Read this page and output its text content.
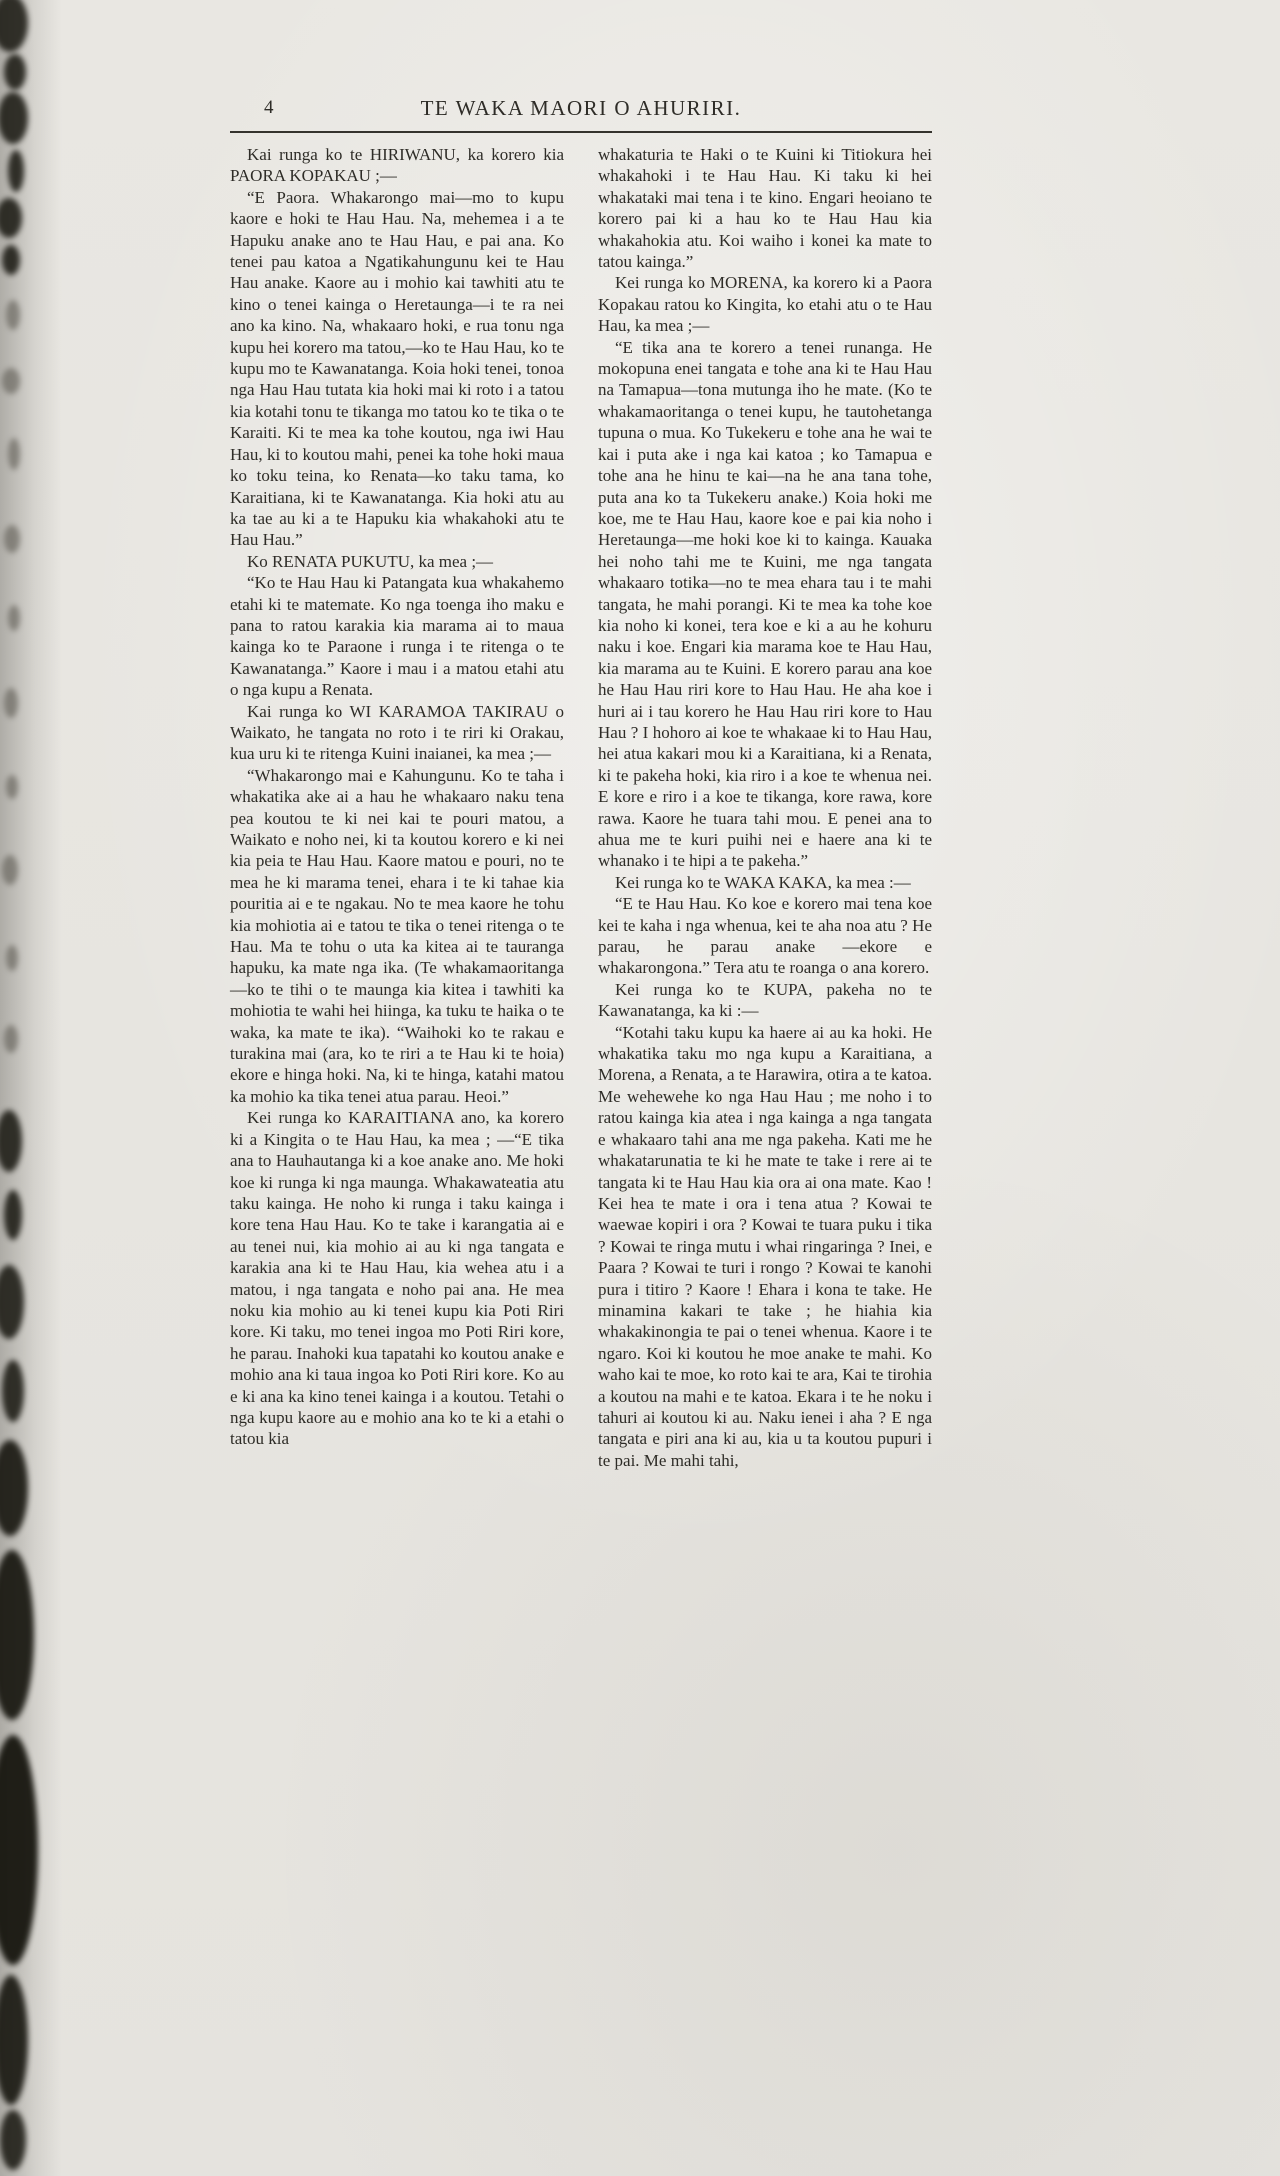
4	TE WAKA MAORI O AHURIRI.

Kai runga ko te HIRIWANU, ka korero kia PAORA KOPAKAU ;—

“E Paora. Whakarongo mai—mo to kupu kaore e hoki te Hau Hau. Na, mehemea i a te Hapuku anake ano te Hau Hau, e pai ana. Ko tenei pau katoa a Ngatikahungunu kei te Hau Hau anake. Kaore au i mohio kai tawhiti atu te kino o tenei kainga o Heretaunga—i te ra nei ano ka kino. Na, whakaaro hoki, e rua tonu nga kupu hei korero ma tatou,—ko te Hau Hau, ko te kupu mo te Kawanatanga. Koia hoki tenei, tonoa nga Hau Hau tutata kia hoki mai ki roto i a tatou kia kotahi tonu te tikanga mo tatou ko te tika o te Karaiti. Ki te mea ka tohe koutou, nga iwi Hau Hau, ki to koutou mahi, penei ka tohe hoki maua ko toku teina, ko Renata—ko taku tama, ko Karaitiana, ki te Kawanatanga. Kia hoki atu au ka tae au ki a te Hapuku kia whakahoki atu te Hau Hau.”

Ko RENATA PUKUTU, ka mea ;—

“Ko te Hau Hau ki Patangata kua whakahemo etahi ki te matemate. Ko nga toenga iho maku e pana to ratou karakia kia marama ai to maua kainga ko te Paraone i runga i te ritenga o te Kawanatanga.” Kaore i mau i a matou etahi atu o nga kupu a Renata.

Kai runga ko WI KARAMOA TAKIRAU o Waikato, he tangata no roto i te riri ki Orakau, kua uru ki te ritenga Kuini inaianei, ka mea ;—

“Whakarongo mai e Kahungunu. Ko te taha i whakatika ake ai a hau he whakaaro naku tena pea koutou te ki nei kai te pouri matou, a Waikato e noho nei, ki ta koutou korero e ki nei kia peia te Hau Hau. Kaore matou e pouri, no te mea he ki marama tenei, ehara i te ki tahae kia pouritia ai e te ngakau. No te mea kaore he tohu kia mohiotia ai e tatou te tika o tenei ritenga o te Hau. Ma te tohu o uta ka kitea ai te tauranga hapuku, ka mate nga ika. (Te whakamaoritanga—ko te tihi o te maunga kia kitea i tawhiti ka mohiotia te wahi hei hiinga, ka tuku te haika o te waka, ka mate te ika). “Waihoki ko te rakau e turakina mai (ara, ko te riri a te Hau ki te hoia) ekore e hinga hoki. Na, ki te hinga, katahi matou ka mohio ka tika tenei atua parau. Heoi.”

Kei runga ko KARAITIANA ano, ka korero ki a Kingita o te Hau Hau, ka mea ; —“E tika ana to Hauhautanga ki a koe anake ano. Me hoki koe ki runga ki nga maunga. Whakawateatia atu taku kainga. He noho ki runga i taku kainga i kore tena Hau Hau. Ko te take i karangatia ai e au tenei nui, kia mohio ai au ki nga tangata e karakia ana ki te Hau Hau, kia wehea atu i a matou, i nga tangata e noho pai ana. He mea noku kia mohio au ki tenei kupu kia Poti Riri kore. Ki taku, mo tenei ingoa mo Poti Riri kore, he parau. Inahoki kua tapatahi ko koutou anake e mohio ana ki taua ingoa ko Poti Riri kore. Ko au e ki ana ka kino tenei kainga i a koutou. Tetahi o nga kupu kaore au e mohio ana ko te ki a etahi o tatou kia

whakaturia te Haki o te Kuini ki Titiokura hei whakahoki i te Hau Hau. Ki taku ki hei whakataki mai tena i te kino. Engari heoiano te korero pai ki a hau ko te Hau Hau kia whakahokia atu. Koi waiho i konei ka mate to tatou kainga.”

Kei runga ko MORENA, ka korero ki a Paora Kopakau ratou ko Kingita, ko etahi atu o te Hau Hau, ka mea ;—

“E tika ana te korero a tenei runanga. He mokopuna enei tangata e tohe ana ki te Hau Hau na Tamapua—tona mutunga iho he mate. (Ko te whakamaoritanga o tenei kupu, he tautohetanga tupuna o mua. Ko Tukekeru e tohe ana he wai te kai i puta ake i nga kai katoa ; ko Tamapua e tohe ana he hinu te kai—na he ana tana tohe, puta ana ko ta Tukekeru anake.) Koia hoki me koe, me te Hau Hau, kaore koe e pai kia noho i Heretaunga—me hoki koe ki to kainga. Kauaka hei noho tahi me te Kuini, me nga tangata whakaaro totika—no te mea ehara tau i te mahi tangata, he mahi porangi. Ki te mea ka tohe koe kia noho ki konei, tera koe e ki a au he kohuru naku i koe. Engari kia marama koe te Hau Hau, kia marama au te Kuini. E korero parau ana koe he Hau Hau riri kore to Hau Hau. He aha koe i huri ai i tau korero he Hau Hau riri kore to Hau Hau ? I hohoro ai koe te whakaae ki to Hau Hau, hei atua kakari mou ki a Karaitiana, ki a Renata, ki te pakeha hoki, kia riro i a koe te whenua nei. E kore e riro i a koe te tikanga, kore rawa, kore rawa. Kaore he tuara tahi mou. E penei ana to ahua me te kuri puihi nei e haere ana ki te whanako i te hipi a te pakeha.”

Kei runga ko te WAKA KAKA, ka mea :—

“E te Hau Hau. Ko koe e korero mai tena koe kei te kaha i nga whenua, kei te aha noa atu ? He parau, he parau anake —ekore e whakarongona.” Tera atu te roanga o ana korero.

Kei runga ko te KUPA, pakeha no te Kawanatanga, ka ki :—

“Kotahi taku kupu ka haere ai au ka hoki. He whakatika taku mo nga kupu a Karaitiana, a Morena, a Renata, a te Harawira, otira a te katoa. Me wehewehe ko nga Hau Hau ; me noho i to ratou kainga kia atea i nga kainga a nga tangata e whakaaro tahi ana me nga pakeha. Kati me he whakatarunatia te ki he mate te take i rere ai te tangata ki te Hau Hau kia ora ai ona mate. Kao ! Kei hea te mate i ora i tena atua ? Kowai te waewae kopiri i ora ? Kowai te tuara puku i tika ? Kowai te ringa mutu i whai ringaringa ? Inei, e Paara ? Kowai te turi i rongo ? Kowai te kanohi pura i titiro ? Kaore ! Ehara i kona te take. He minamina kakari te take ; he hiahia kia whakakinongia te pai o tenei whenua. Kaore i te ngaro. Koi ki koutou he moe anake te mahi. Ko waho kai te moe, ko roto kai te ara, Kai te tirohia a koutou na mahi e te katoa. Ekara i te he noku i tahuri ai koutou ki au. Naku ienei i aha ? E nga tangata e piri ana ki au, kia u ta koutou pupuri i te pai. Me mahi tahi,
